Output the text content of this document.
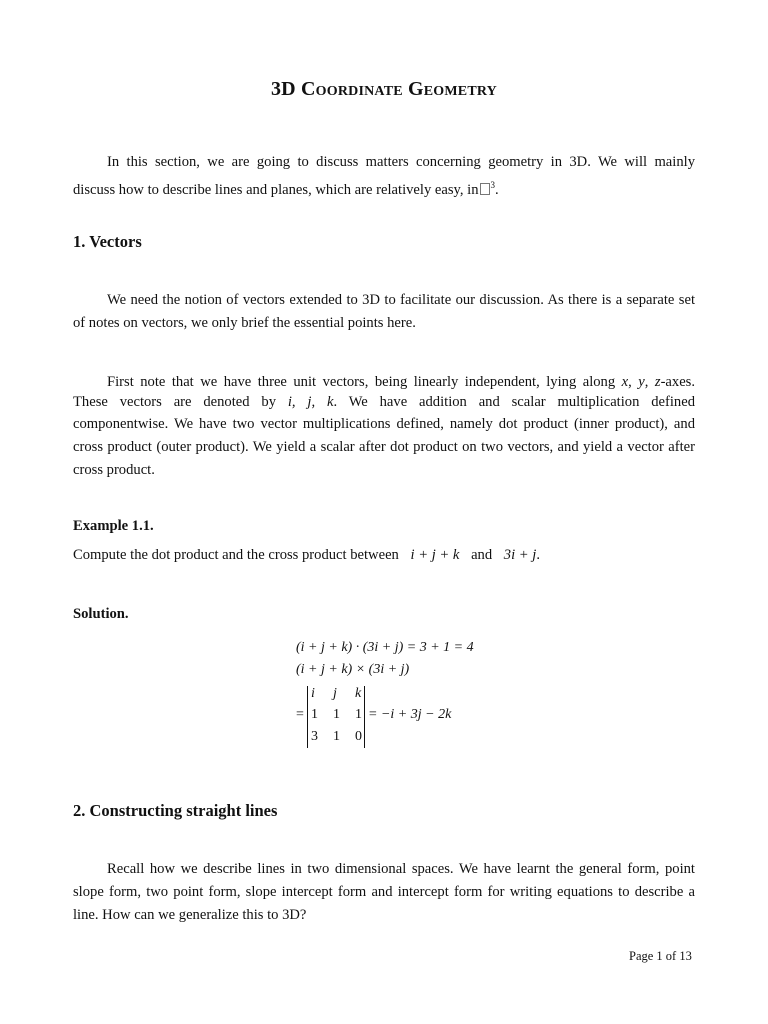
3D Coordinate Geometry
In this section, we are going to discuss matters concerning geometry in 3D. We will mainly
discuss how to describe lines and planes, which are relatively easy, in $^3$.
1. Vectors
We need the notion of vectors extended to 3D to facilitate our discussion. As there is a separate set of notes on vectors, we only brief the essential points here.
First note that we have three unit vectors, being linearly independent, lying along x, y, z-axes.
These vectors are denoted by i, j, k. We have addition and scalar multiplication defined
componentwise. We have two vector multiplications defined, namely dot product (inner product), and cross product (outer product). We yield a scalar after dot product on two vectors, and yield a vector after cross product.
Example 1.1.
Compute the dot product and the cross product between i + j + k and 3i + j.
Solution.
(i + j + k) · (3i + j) = 3 + 1 = 4
(i + j + k) × (3i + j)
=
i j k
1 1 1
3 1 0
= −i + 3j − 2k
2. Constructing straight lines
Recall how we describe lines in two dimensional spaces. We have learnt the general form, point slope form, two point form, slope intercept form and intercept form for writing equations to describe a line. How can we generalize this to 3D?
Page 1 of 13
